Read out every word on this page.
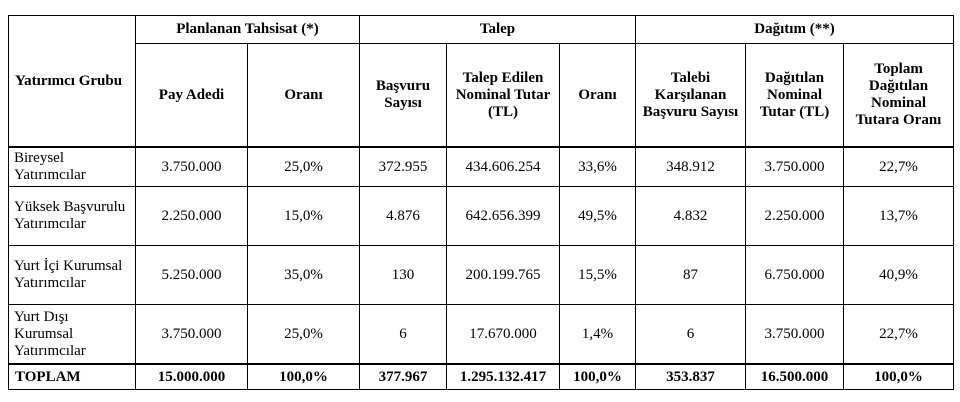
Yatırımcı Grubu	Planlanan Tahsisat (*)		Talep			Dağıtım (**)		
	Pay Adedi	Oranı	Başvuru Sayısı	Talep Edilen Nominal Tutar (TL)	Oranı	Talebi Karşılanan Başvuru Sayısı	Dağıtılan Nominal Tutar (TL)	Toplam Dağıtılan Nominal Tutara Oranı
Bireysel Yatırımcılar	3.750.000	25,0%	372.955	434.606.254	33,6%	348.912	3.750.000	22,7%
Yüksek Başvurulu Yatırımcılar	2.250.000	15,0%	4.876	642.656.399	49,5%	4.832	2.250.000	13,7%
Yurt İçi Kurumsal Yatırımcılar	5.250.000	35,0%	130	200.199.765	15,5%	87	6.750.000	40,9%
Yurt Dışı Kurumsal Yatırımcılar	3.750.000	25,0%	6	17.670.000	1,4%	6	3.750.000	22,7%
TOPLAM	15.000.000	100,0%	377.967	1.295.132.417	100,0%	353.837	16.500.000	100,0%
